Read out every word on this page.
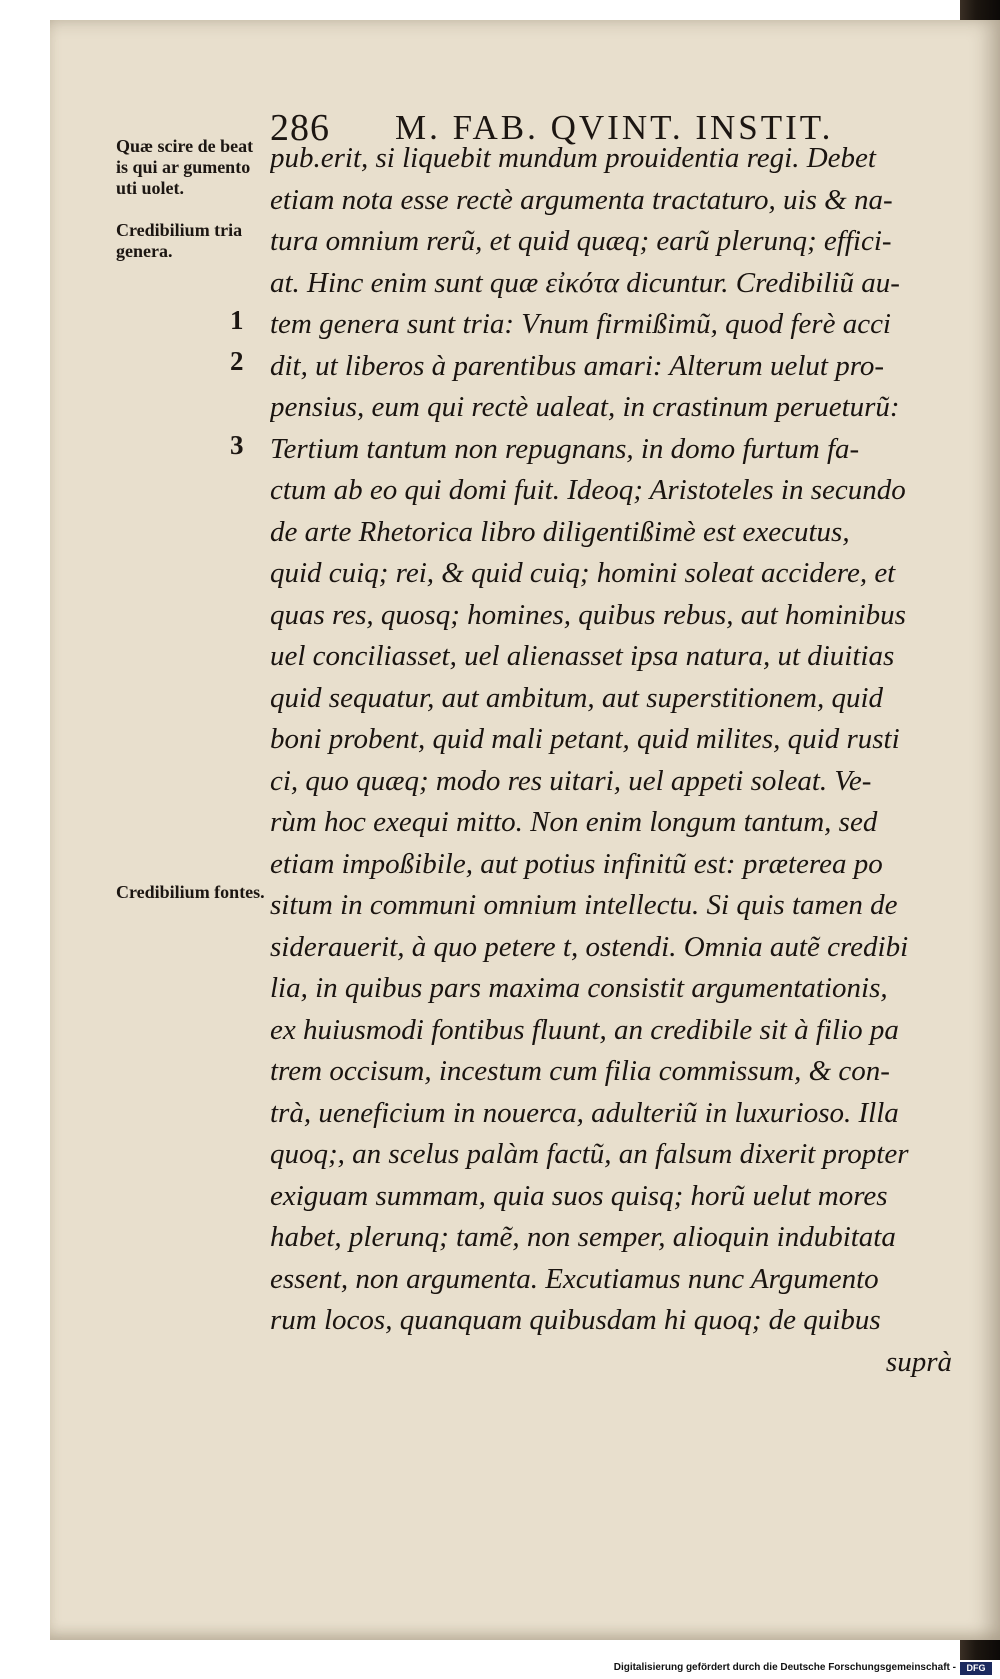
286 M. FAB. QVINT. INSTIT.
Quæ scire de beat is qui ar gumento uti uolet.
Credibilium tria genera.
Credibilium fontes.
1
2
3
pub.erit, si liquebit mundum prouidentia regi. Debet
etiam nota esse rectè argumenta tractaturo, uis & na-
tura omnium rerũ, et quid quæq; earũ plerunq; effici-
at. Hinc enim sunt quæ εἰκότα dicuntur. Credibiliũ au-
tem genera sunt tria: Vnum firmißimũ, quod ferè acci
dit, ut liberos à parentibus amari: Alterum uelut pro-
pensius, eum qui rectè ualeat, in crastinum perueturũ:
Tertium tantum non repugnans, in domo furtum fa-
ctum ab eo qui domi fuit. Ideoq; Aristoteles in secundo
de arte Rhetorica libro diligentißimè est executus,
quid cuiq; rei, & quid cuiq; homini soleat accidere, et
quas res, quosq; homines, quibus rebus, aut hominibus
uel conciliasset, uel alienasset ipsa natura, ut diuitias
quid sequatur, aut ambitum, aut superstitionem, quid
boni probent, quid mali petant, quid milites, quid rusti
ci, quo quæq; modo res uitari, uel appeti soleat. Ve-
rùm hoc exequi mitto. Non enim longum tantum, sed
etiam impoßibile, aut potius infinitũ est: præterea po
situm in communi omnium intellectu. Si quis tamen de
siderauerit, à quo petere t, ostendi. Omnia autẽ credibi
lia, in quibus pars maxima consistit argumentationis,
ex huiusmodi fontibus fluunt, an credibile sit à filio pa
trem occisum, incestum cum filia commissum, & con-
trà, ueneficium in nouerca, adulteriũ in luxurioso. Illa
quoq;, an scelus palàm factũ, an falsum dixerit propter
exiguam summam, quia suos quisq; horũ uelut mores
habet, plerunq; tamẽ, non semper, alioquin indubitata
essent, non argumenta. Excutiamus nunc Argumento
rum locos, quanquam quibusdam hi quoq; de quibus
suprà
Digitalisierung gefördert durch die Deutsche Forschungsgemeinschaft -	DFG
